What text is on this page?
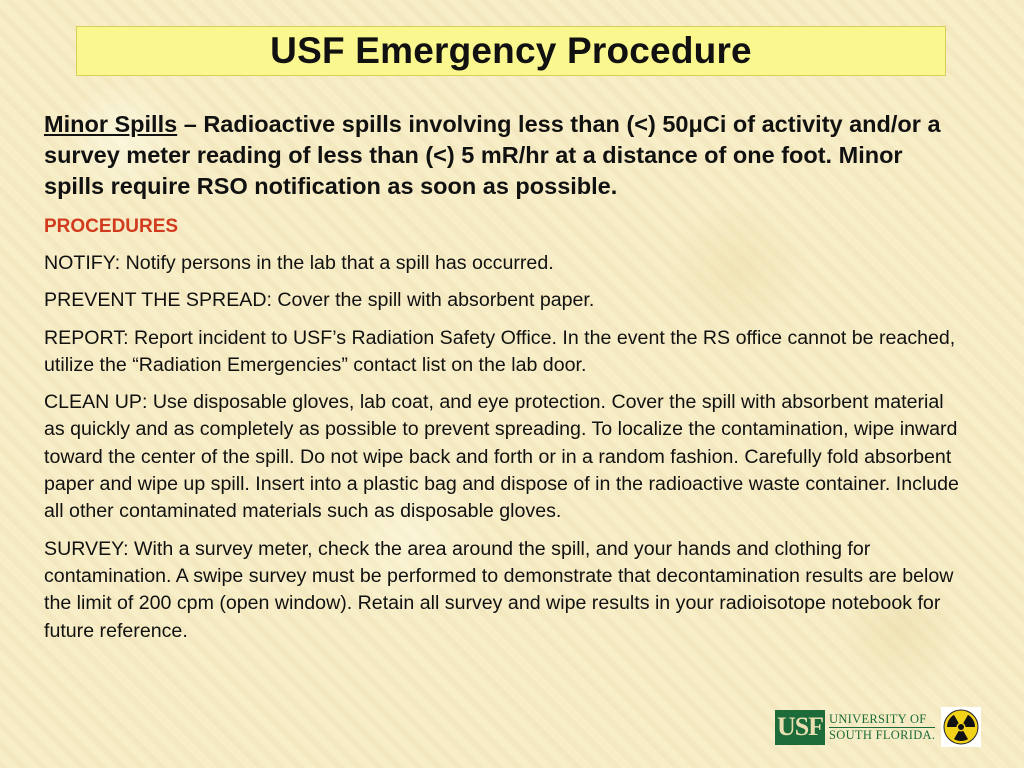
USF Emergency Procedure

Minor Spills – Radioactive spills involving less than (<) 50μCi of activity and/or a survey meter reading of less than (<) 5 mR/hr at a distance of one foot. Minor spills require RSO notification as soon as possible.

PROCEDURES

NOTIFY: Notify persons in the lab that a spill has occurred.

PREVENT THE SPREAD: Cover the spill with absorbent paper.

REPORT: Report incident to USF’s Radiation Safety Office. In the event the RS office cannot be reached, utilize the “Radiation Emergencies” contact list on the lab door.

CLEAN UP: Use disposable gloves, lab coat, and eye protection. Cover the spill with absorbent material as quickly and as completely as possible to prevent spreading. To localize the contamination, wipe inward toward the center of the spill. Do not wipe back and forth or in a random fashion. Carefully fold absorbent paper and wipe up spill. Insert into a plastic bag and dispose of in the radioactive waste container. Include all other contaminated materials such as disposable gloves.

SURVEY: With a survey meter, check the area around the spill, and your hands and clothing for contamination. A swipe survey must be performed to demonstrate that decontamination results are below the limit of 200 cpm (open window). Retain all survey and wipe results in your radioisotope notebook for future reference.

USF UNIVERSITY OF
SOUTH FLORIDA.
